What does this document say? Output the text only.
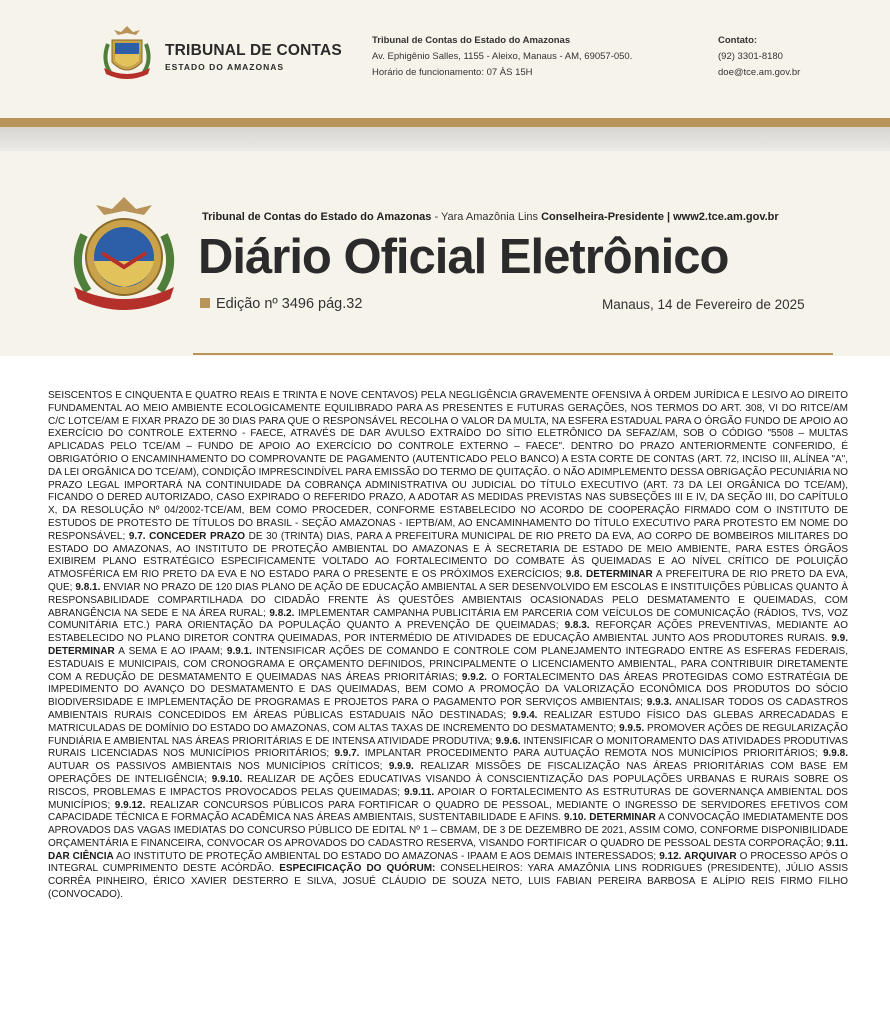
TRIBUNAL DE CONTAS
ESTADO DO AMAZONAS
Tribunal de Contas do Estado do Amazonas
Av. Ephigênio Salles, 1155 - Aleixo, Manaus - AM, 69057-050.
Horário de funcionamento: 07 ÀS 15H
Contato:
(92) 3301-8180
doe@tce.am.gov.br
Tribunal de Contas do Estado do Amazonas - Yara Amazônia Lins Conselheira-Presidente | www2.tce.am.gov.br
Diário Oficial Eletrônico
Edição nº 3496 pág.32	Manaus, 14 de Fevereiro de 2025
SEISCENTOS E CINQUENTA E QUATRO REAIS E TRINTA E NOVE CENTAVOS) PELA NEGLIGÊNCIA GRAVEMENTE OFENSIVA À ORDEM JURÍDICA E LESIVO AO DIREITO FUNDAMENTAL AO MEIO AMBIENTE ECOLOGICAMENTE EQUILIBRADO PARA AS PRESENTES E FUTURAS GERAÇÕES, NOS TERMOS DO ART. 308, VI DO RITCE/AM C/C LOTCE/AM E FIXAR PRAZO DE 30 DIAS PARA QUE O RESPONSÁVEL RECOLHA O VALOR DA MULTA, NA ESFERA ESTADUAL PARA O ÓRGÃO FUNDO DE APOIO AO EXERCÍCIO DO CONTROLE EXTERNO - FAECE, ATRAVÉS DE DAR AVULSO EXTRAÍDO DO SÍTIO ELETRÔNICO DA SEFAZ/AM, SOB O CÓDIGO "5508 – MULTAS APLICADAS PELO TCE/AM – FUNDO DE APOIO AO EXERCÍCIO DO CONTROLE EXTERNO – FAECE". DENTRO DO PRAZO ANTERIORMENTE CONFERIDO, É OBRIGATÓRIO O ENCAMINHAMENTO DO COMPROVANTE DE PAGAMENTO (AUTENTICADO PELO BANCO) A ESTA CORTE DE CONTAS (ART. 72, INCISO III, ALÍNEA "A", DA LEI ORGÂNICA DO TCE/AM), CONDIÇÃO IMPRESCINDÍVEL PARA EMISSÃO DO TERMO DE QUITAÇÃO. O NÃO ADIMPLEMENTO DESSA OBRIGAÇÃO PECUNIÁRIA NO PRAZO LEGAL IMPORTARÁ NA CONTINUIDADE DA COBRANÇA ADMINISTRATIVA OU JUDICIAL DO TÍTULO EXECUTIVO (ART. 73 DA LEI ORGÂNICA DO TCE/AM), FICANDO O DERED AUTORIZADO, CASO EXPIRADO O REFERIDO PRAZO, A ADOTAR AS MEDIDAS PREVISTAS NAS SUBSEÇÕES III E IV, DA SEÇÃO III, DO CAPÍTULO X, DA RESOLUÇÃO Nº 04/2002-TCE/AM, BEM COMO PROCEDER, CONFORME ESTABELECIDO NO ACORDO DE COOPERAÇÃO FIRMADO COM O INSTITUTO DE ESTUDOS DE PROTESTO DE TÍTULOS DO BRASIL - SEÇÃO AMAZONAS - IEPTB/AM, AO ENCAMINHAMENTO DO TÍTULO EXECUTIVO PARA PROTESTO EM NOME DO RESPONSÁVEL; 9.7. CONCEDER PRAZO DE 30 (TRINTA) DIAS, PARA A PREFEITURA MUNICIPAL DE RIO PRETO DA EVA, AO CORPO DE BOMBEIROS MILITARES DO ESTADO DO AMAZONAS, AO INSTITUTO DE PROTEÇÃO AMBIENTAL DO AMAZONAS E À SECRETARIA DE ESTADO DE MEIO AMBIENTE, PARA ESTES ÓRGÃOS EXIBIREM PLANO ESTRATÉGICO ESPECIFICAMENTE VOLTADO AO FORTALECIMENTO DO COMBATE ÀS QUEIMADAS E AO NÍVEL CRÍTICO DE POLUIÇÃO ATMOSFÉRICA EM RIO PRETO DA EVA E NO ESTADO PARA O PRESENTE E OS PRÓXIMOS EXERCÍCIOS; 9.8. DETERMINAR A PREFEITURA DE RIO PRETO DA EVA, QUE; 9.8.1. ENVIAR NO PRAZO DE 120 DIAS PLANO DE AÇÃO DE EDUCAÇÃO AMBIENTAL A SER DESENVOLVIDO EM ESCOLAS E INSTITUIÇÕES PÚBLICAS QUANTO À RESPONSABILIDADE COMPARTILHADA DO CIDADÃO FRENTE ÀS QUESTÕES AMBIENTAIS OCASIONADAS PELO DESMATAMENTO E QUEIMADAS, COM ABRANGÊNCIA NA SEDE E NA ÁREA RURAL; 9.8.2. IMPLEMENTAR CAMPANHA PUBLICITÁRIA EM PARCERIA COM VEÍCULOS DE COMUNICAÇÃO (RÁDIOS, TVS, VOZ COMUNITÁRIA ETC.) PARA ORIENTAÇÃO DA POPULAÇÃO QUANTO A PREVENÇÃO DE QUEIMADAS; 9.8.3. REFORÇAR AÇÕES PREVENTIVAS, MEDIANTE AO ESTABELECIDO NO PLANO DIRETOR CONTRA QUEIMADAS, POR INTERMÉDIO DE ATIVIDADES DE EDUCAÇÃO AMBIENTAL JUNTO AOS PRODUTORES RURAIS. 9.9. DETERMINAR A SEMA E AO IPAAM; 9.9.1. INTENSIFICAR AÇÕES DE COMANDO E CONTROLE COM PLANEJAMENTO INTEGRADO ENTRE AS ESFERAS FEDERAIS, ESTADUAIS E MUNICIPAIS, COM CRONOGRAMA E ORÇAMENTO DEFINIDOS, PRINCIPALMENTE O LICENCIAMENTO AMBIENTAL, PARA CONTRIBUIR DIRETAMENTE COM A REDUÇÃO DE DESMATAMENTO E QUEIMADAS NAS ÁREAS PRIORITÁRIAS; 9.9.2. O FORTALECIMENTO DAS ÁREAS PROTEGIDAS COMO ESTRATÉGIA DE IMPEDIMENTO DO AVANÇO DO DESMATAMENTO E DAS QUEIMADAS, BEM COMO A PROMOÇÃO DA VALORIZAÇÃO ECONÔMICA DOS PRODUTOS DO SÓCIO BIODIVERSIDADE E IMPLEMENTAÇÃO DE PROGRAMAS E PROJETOS PARA O PAGAMENTO POR SERVIÇOS AMBIENTAIS; 9.9.3. ANALISAR TODOS OS CADASTROS AMBIENTAIS RURAIS CONCEDIDOS EM ÁREAS PÚBLICAS ESTADUAIS NÃO DESTINADAS; 9.9.4. REALIZAR ESTUDO FÍSICO DAS GLEBAS ARRECADADAS E MATRICULADAS DE DOMÍNIO DO ESTADO DO AMAZONAS, COM ALTAS TAXAS DE INCREMENTO DO DESMATAMENTO; 9.9.5. PROMOVER AÇÕES DE REGULARIZAÇÃO FUNDIÁRIA E AMBIENTAL NAS ÁREAS PRIORITÁRIAS E DE INTENSA ATIVIDADE PRODUTIVA; 9.9.6. INTENSIFICAR O MONITORAMENTO DAS ATIVIDADES PRODUTIVAS RURAIS LICENCIADAS NOS MUNICÍPIOS PRIORITÁRIOS; 9.9.7. IMPLANTAR PROCEDIMENTO PARA AUTUAÇÃO REMOTA NOS MUNICÍPIOS PRIORITÁRIOS; 9.9.8. AUTUAR OS PASSIVOS AMBIENTAIS NOS MUNICÍPIOS CRÍTICOS; 9.9.9. REALIZAR MISSÕES DE FISCALIZAÇÃO NAS ÁREAS PRIORITÁRIAS COM BASE EM OPERAÇÕES DE INTELIGÊNCIA; 9.9.10. REALIZAR DE AÇÕES EDUCATIVAS VISANDO À CONSCIENTIZAÇÃO DAS POPULAÇÕES URBANAS E RURAIS SOBRE OS RISCOS, PROBLEMAS E IMPACTOS PROVOCADOS PELAS QUEIMADAS; 9.9.11. APOIAR O FORTALECIMENTO AS ESTRUTURAS DE GOVERNANÇA AMBIENTAL DOS MUNICÍPIOS; 9.9.12. REALIZAR CONCURSOS PÚBLICOS PARA FORTIFICAR O QUADRO DE PESSOAL, MEDIANTE O INGRESSO DE SERVIDORES EFETIVOS COM CAPACIDADE TÉCNICA E FORMAÇÃO ACADÊMICA NAS ÁREAS AMBIENTAIS, SUSTENTABILIDADE E AFINS. 9.10. DETERMINAR A CONVOCAÇÃO IMEDIATAMENTE DOS APROVADOS DAS VAGAS IMEDIATAS DO CONCURSO PÚBLICO DE EDITAL Nº 1 – CBMAM, DE 3 DE DEZEMBRO DE 2021, ASSIM COMO, CONFORME DISPONIBILIDADE ORÇAMENTÁRIA E FINANCEIRA, CONVOCAR OS APROVADOS DO CADASTRO RESERVA, VISANDO FORTIFICAR O QUADRO DE PESSOAL DESTA CORPORAÇÃO; 9.11. DAR CIÊNCIA AO INSTITUTO DE PROTEÇÃO AMBIENTAL DO ESTADO DO AMAZONAS - IPAAM E AOS DEMAIS INTERESSADOS; 9.12. ARQUIVAR O PROCESSO APÓS O INTEGRAL CUMPRIMENTO DESTE ACÓRDÃO. ESPECIFICAÇÃO DO QUÓRUM: CONSELHEIROS: YARA AMAZÔNIA LINS RODRIGUES (PRESIDENTE), JÚLIO ASSIS CORRÊA PINHEIRO, ÉRICO XAVIER DESTERRO E SILVA, JOSUÉ CLÁUDIO DE SOUZA NETO, LUIS FABIAN PEREIRA BARBOSA E ALÍPIO REIS FIRMO FILHO (CONVOCADO).
